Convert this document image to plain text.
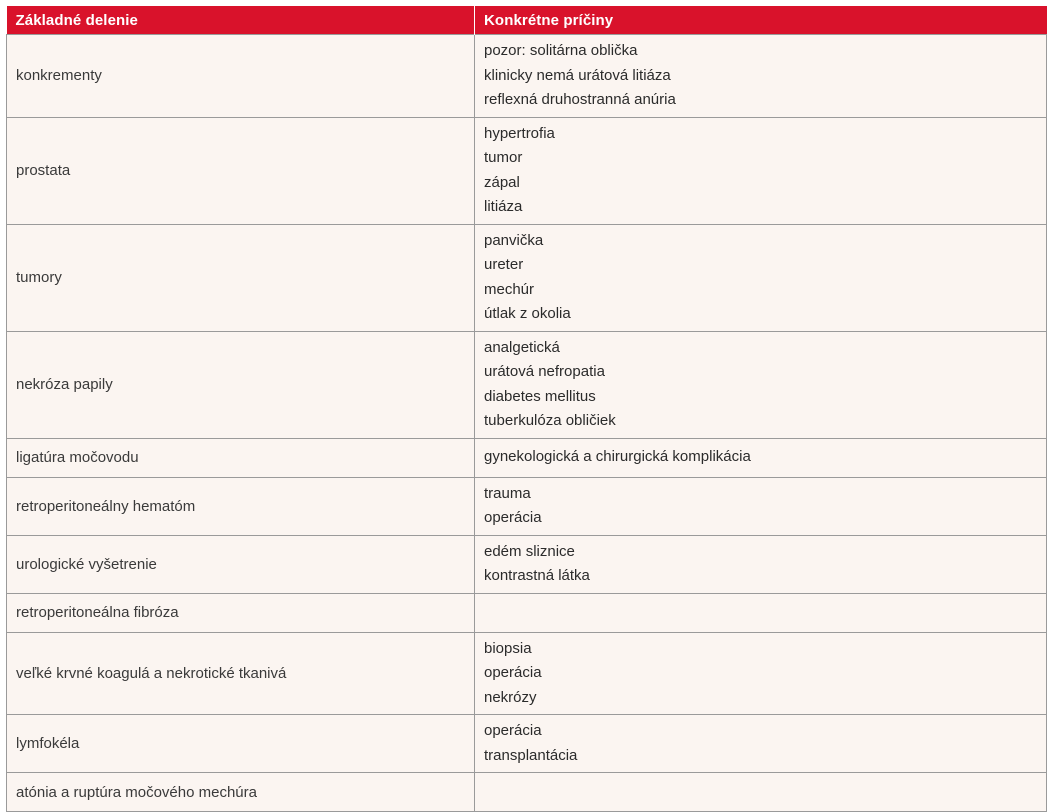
Základné delenie	Konkrétne príčiny
konkrementy	pozor: solitárna oblička
klinicky nemá urátová litiáza
reflexná druhostranná anúria

prostata	hypertrofia
tumor
zápal
litiáza

tumory	panvička
ureter
mechúr
útlak z okolia

nekróza papily	analgetická
urátová nefropatia
diabetes mellitus
tuberkulóza obličiek

ligatúra močovodu	gynekologická a chirurgická komplikácia

retroperitoneálny hematóm	trauma
operácia

urologické vyšetrenie	edém sliznice
kontrastná látka

retroperitoneálna fibróza	
veľké krvné koagulá a nekrotické tkanivá	biopsia
operácia
nekrózy

lymfokéla	operácia
transplantácia

atónia a ruptúra močového mechúra	
